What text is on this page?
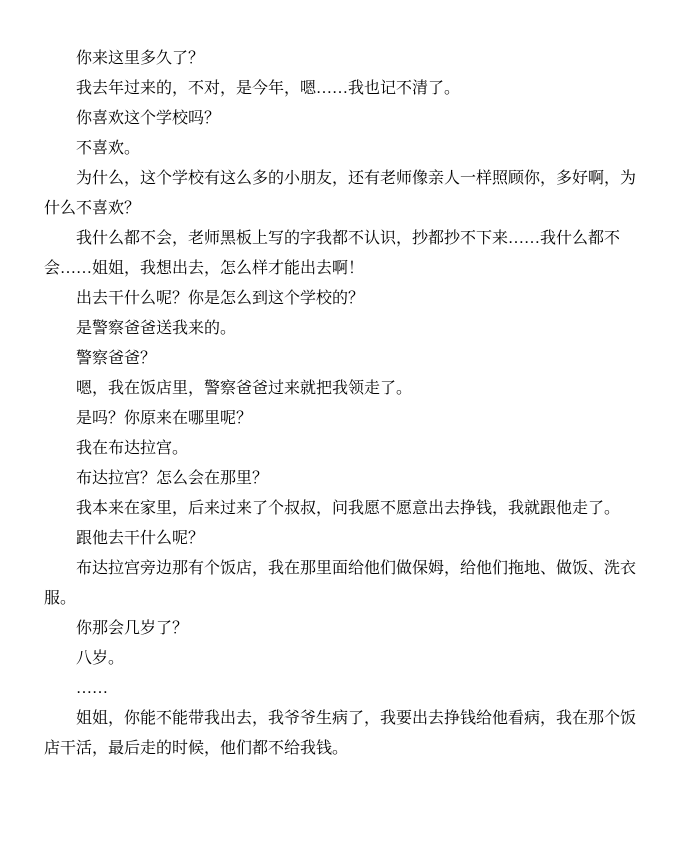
你来这里多久了？

我去年过来的，不对，是今年，嗯……我也记不清了。

你喜欢这个学校吗？

不喜欢。

为什么，这个学校有这么多的小朋友，还有老师像亲人一样照顾你，多好啊，为什么不喜欢？

我什么都不会，老师黑板上写的字我都不认识，抄都抄不下来……我什么都不会……姐姐，我想出去，怎么样才能出去啊！

出去干什么呢？你是怎么到这个学校的？

是警察爸爸送我来的。

警察爸爸？

嗯，我在饭店里，警察爸爸过来就把我领走了。

是吗？你原来在哪里呢？

我在布达拉宫。

布达拉宫？怎么会在那里？

我本来在家里，后来过来了个叔叔，问我愿不愿意出去挣钱，我就跟他走了。

跟他去干什么呢？

布达拉宫旁边那有个饭店，我在那里面给他们做保姆，给他们拖地、做饭、洗衣服。

你那会几岁了？

八岁。

……

姐姐，你能不能带我出去，我爷爷生病了，我要出去挣钱给他看病，我在那个饭店干活，最后走的时候，他们都不给我钱。
